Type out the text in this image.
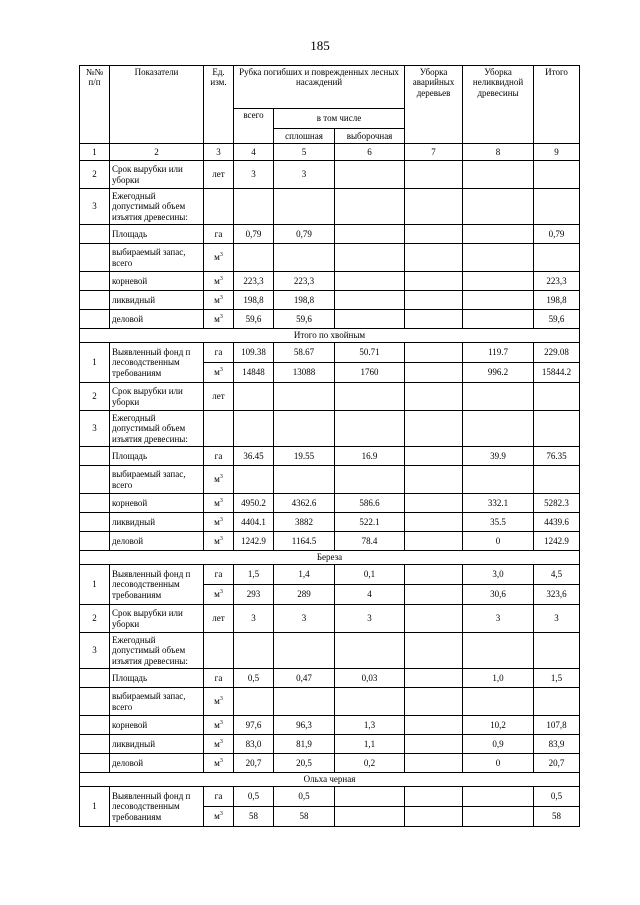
185
№№ п/п	Показатели	Ед. изм.	Рубка погибших и поврежденных лесных насаждений			Уборка аварийных деревьев	Уборка неликвидной древесины	Итого
			всего	в том числе				
				сплошная	выборочная			
1	2	3	4	5	6	7	8	9
2	Срок вырубки или уборки	лет	3	3				
3	Ежегодный допустимый объем изъятия древесины:							
	Площадь	га	0,79	0,79				0,79
	выбираемый запас, всего	$м^3$						
	корневой	$м^3$	223,3	223,3				223,3
	ликвидный	$м^3$	198,8	198,8				198,8
	деловой	$м^3$	59,6	59,6				59,6
Итого по хвойным								
1	Выявленный фонд п лесоводственным требованиям	га	109.38	58.67	50.71		119.7	229.08
		$м^3$	14848	13088	1760		996.2	15844.2
2	Срок вырубки или уборки	лет						
3	Ежегодный допустимый объем изъятия древесины:							
	Площадь	га	36.45	19.55	16.9		39.9	76.35
	выбираемый запас, всего	$м^3$						
	корневой	$м^3$	4950.2	4362.6	586.6		332.1	5282.3
	ликвидный	$м^3$	4404.1	3882	522.1		35.5	4439.6
	деловой	$м^3$	1242.9	1164.5	78.4		0	1242.9
Береза								
1	Выявленный фонд п лесоводственным требованиям	га	1,5	1,4	0,1		3,0	4,5
		$м^3$	293	289	4		30,6	323,6
2	Срок вырубки или уборки	лет	3	3	3		3	3
3	Ежегодный допустимый объем изъятия древесины:							
	Площадь	га	0,5	0,47	0,03		1,0	1,5
	выбираемый запас, всего	$м^3$						
	корневой	$м^3$	97,6	96,3	1,3		10,2	107,8
	ликвидный	$м^3$	83,0	81,9	1,1		0,9	83,9
	деловой	$м^3$	20,7	20,5	0,2		0	20,7
Ольха черная								
1	Выявленный фонд п лесоводственным требованиям	га	0,5	0,5				0,5
		$м^3$	58	58				58
